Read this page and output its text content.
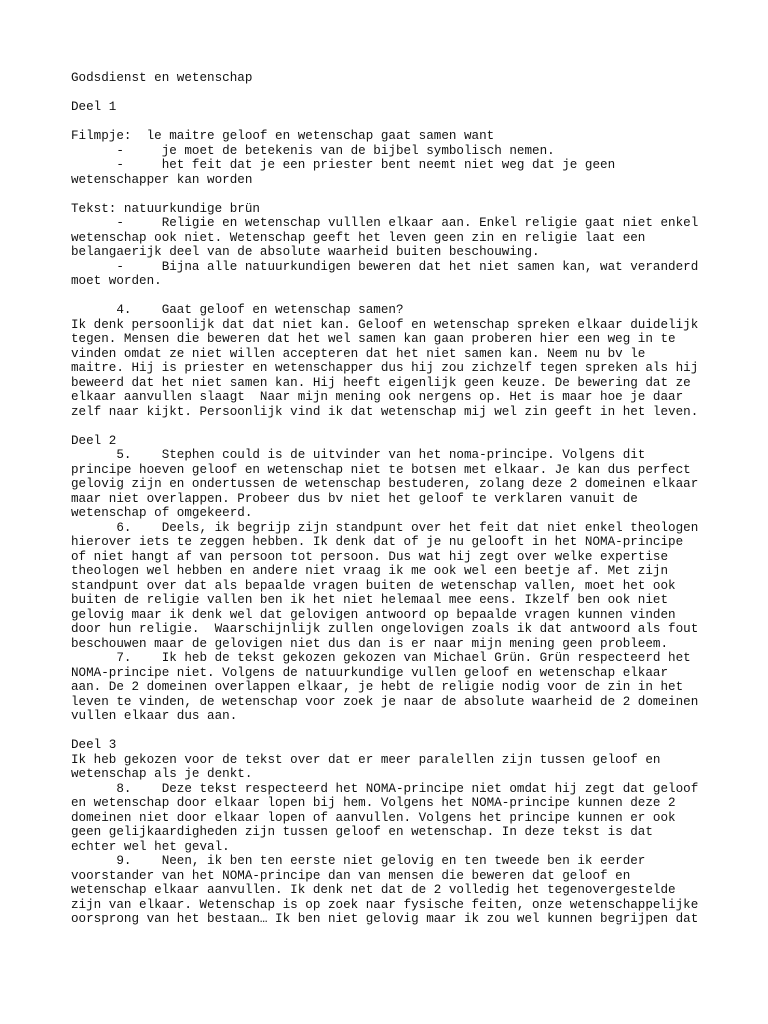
Godsdienst en wetenschap
Deel 1
Filmpje:  le maitre geloof en wetenschap gaat samen want
-     je moet de betekenis van de bijbel symbolisch nemen.
-     het feit dat je een priester bent neemt niet weg dat je geen
wetenschapper kan worden
Tekst: natuurkundige brün
-     Religie en wetenschap vulllen elkaar aan. Enkel religie gaat niet enkel
wetenschap ook niet. Wetenschap geeft het leven geen zin en religie laat een
belangaerijk deel van de absolute waarheid buiten beschouwing.
-     Bijna alle natuurkundigen beweren dat het niet samen kan, wat veranderd
moet worden.
4.    Gaat geloof en wetenschap samen?
Ik denk persoonlijk dat dat niet kan. Geloof en wetenschap spreken elkaar duidelijk
tegen. Mensen die beweren dat het wel samen kan gaan proberen hier een weg in te
vinden omdat ze niet willen accepteren dat het niet samen kan. Neem nu bv le
maitre. Hij is priester en wetenschapper dus hij zou zichzelf tegen spreken als hij
beweerd dat het niet samen kan. Hij heeft eigenlijk geen keuze. De bewering dat ze
elkaar aanvullen slaagt  Naar mijn mening ook nergens op. Het is maar hoe je daar
zelf naar kijkt. Persoonlijk vind ik dat wetenschap mij wel zin geeft in het leven.
Deel 2
5.    Stephen could is de uitvinder van het noma-principe. Volgens dit
principe hoeven geloof en wetenschap niet te botsen met elkaar. Je kan dus perfect
gelovig zijn en ondertussen de wetenschap bestuderen, zolang deze 2 domeinen elkaar
maar niet overlappen. Probeer dus bv niet het geloof te verklaren vanuit de
wetenschap of omgekeerd.
6.    Deels, ik begrijp zijn standpunt over het feit dat niet enkel theologen
hierover iets te zeggen hebben. Ik denk dat of je nu gelooft in het NOMA-principe
of niet hangt af van persoon tot persoon. Dus wat hij zegt over welke expertise
theologen wel hebben en andere niet vraag ik me ook wel een beetje af. Met zijn
standpunt over dat als bepaalde vragen buiten de wetenschap vallen, moet het ook
buiten de religie vallen ben ik het niet helemaal mee eens. Ikzelf ben ook niet
gelovig maar ik denk wel dat gelovigen antwoord op bepaalde vragen kunnen vinden
door hun religie.  Waarschijnlijk zullen ongelovigen zoals ik dat antwoord als fout
beschouwen maar de gelovigen niet dus dan is er naar mijn mening geen probleem.
7.    Ik heb de tekst gekozen gekozen van Michael Grün. Grün respecteerd het
NOMA-principe niet. Volgens de natuurkundige vullen geloof en wetenschap elkaar
aan. De 2 domeinen overlappen elkaar, je hebt de religie nodig voor de zin in het
leven te vinden, de wetenschap voor zoek je naar de absolute waarheid de 2 domeinen
vullen elkaar dus aan.
Deel 3
Ik heb gekozen voor de tekst over dat er meer paralellen zijn tussen geloof en
wetenschap als je denkt.
8.    Deze tekst respecteerd het NOMA-principe niet omdat hij zegt dat geloof
en wetenschap door elkaar lopen bij hem. Volgens het NOMA-principe kunnen deze 2
domeinen niet door elkaar lopen of aanvullen. Volgens het principe kunnen er ook
geen gelijkaardigheden zijn tussen geloof en wetenschap. In deze tekst is dat
echter wel het geval.
9.    Neen, ik ben ten eerste niet gelovig en ten tweede ben ik eerder
voorstander van het NOMA-principe dan van mensen die beweren dat geloof en
wetenschap elkaar aanvullen. Ik denk net dat de 2 volledig het tegenovergestelde
zijn van elkaar. Wetenschap is op zoek naar fysische feiten, onze wetenschappelijke
oorsprong van het bestaan… Ik ben niet gelovig maar ik zou wel kunnen begrijpen dat
